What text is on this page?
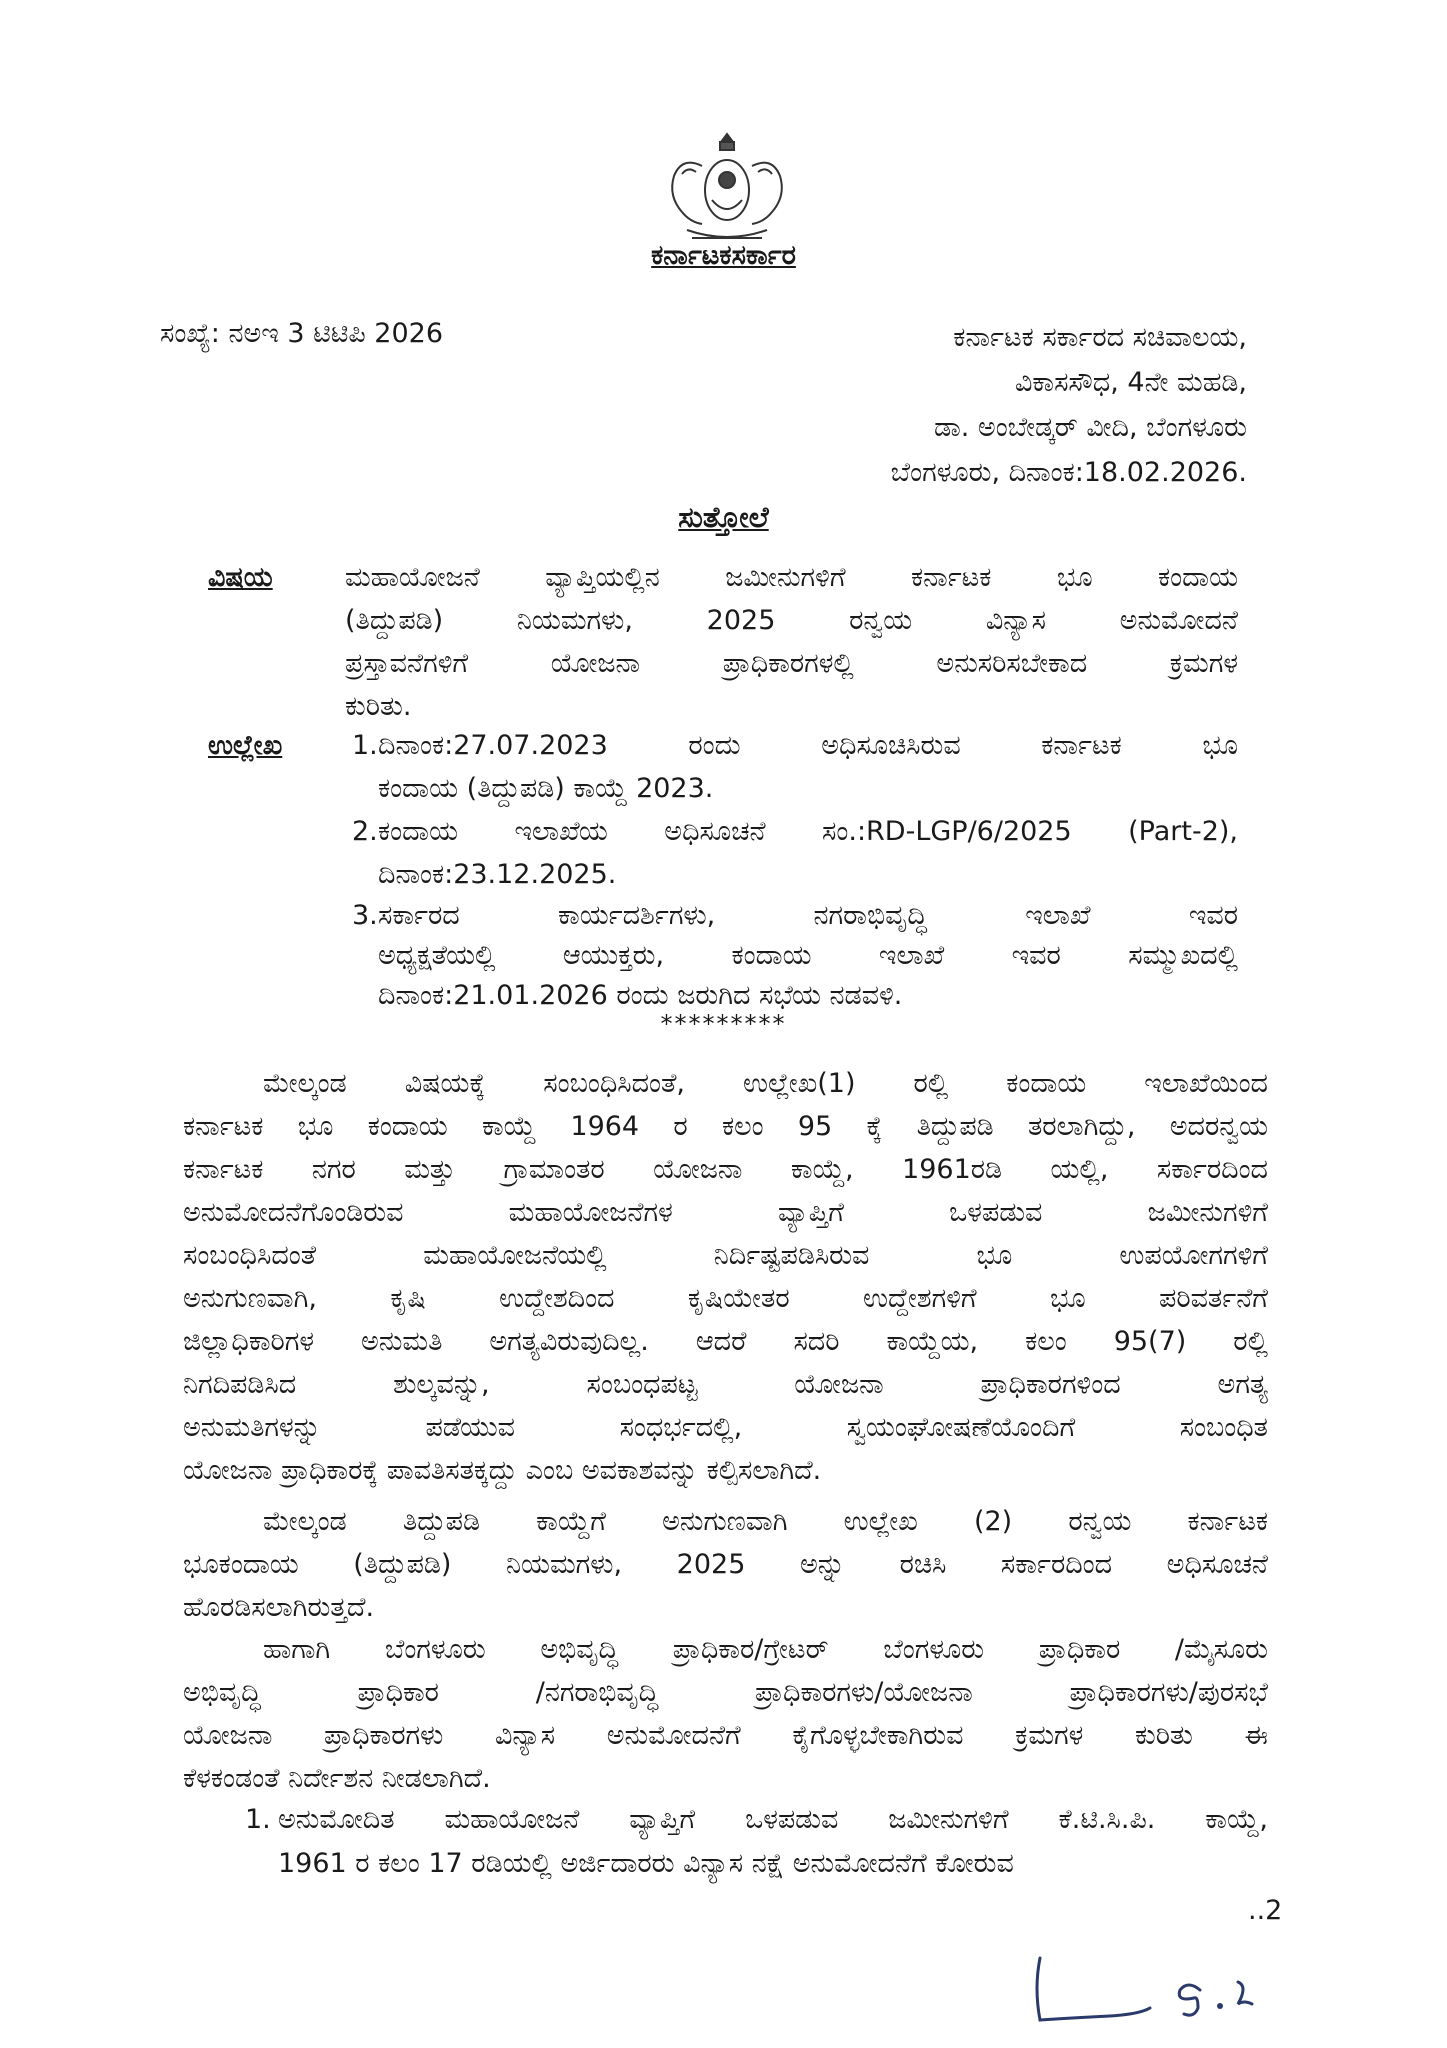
ಕರ್ನಾಟಕಸರ್ಕಾರ
ಸಂಖ್ಯೆ: ನಅಇ 3 ಟಿಟಿಪಿ 2026	ಕರ್ನಾಟಕ ಸರ್ಕಾರದ ಸಚಿವಾಲಯ,
ವಿಕಾಸಸೌಧ, 4ನೇ ಮಹಡಿ,
ಡಾ. ಅಂಬೇಡ್ಕರ್ ವೀದಿ, ಬೆಂಗಳೂರು
ಬೆಂಗಳೂರು, ದಿನಾಂಕ:18.02.2026.
ಸುತ್ತೋಲೆ
ವಿಷಯ	ಮಹಾಯೋಜನೆ ವ್ಯಾಪ್ತಿಯಲ್ಲಿನ ಜಮೀನುಗಳಿಗೆ ಕರ್ನಾಟಕ ಭೂ ಕಂದಾಯ
(ತಿದ್ದುಪಡಿ) ನಿಯಮಗಳು, 2025 ರನ್ವಯ ವಿನ್ಯಾಸ ಅನುಮೋದನೆ
ಪ್ರಸ್ತಾವನೆಗಳಿಗೆ ಯೋಜನಾ ಪ್ರಾಧಿಕಾರಗಳಲ್ಲಿ ಅನುಸರಿಸಬೇಕಾದ ಕ್ರಮಗಳ
ಕುರಿತು.
ಉಲ್ಲೇಖ	1. ದಿನಾಂಕ:27.07.2023 ರಂದು ಅಧಿಸೂಚಿಸಿರುವ ಕರ್ನಾಟಕ ಭೂ
ಕಂದಾಯ (ತಿದ್ದುಪಡಿ) ಕಾಯ್ದೆ 2023.
2. ಕಂದಾಯ ಇಲಾಖೆಯ ಅಧಿಸೂಚನೆ ಸಂ.:RD-LGP/6/2025 (Part-2),
ದಿನಾಂಕ:23.12.2025.
3. ಸರ್ಕಾರದ ಕಾರ್ಯದರ್ಶಿಗಳು, ನಗರಾಭಿವೃದ್ಧಿ ಇಲಾಖೆ ಇವರ
ಅಧ್ಯಕ್ಷತೆಯಲ್ಲಿ ಆಯುಕ್ತರು, ಕಂದಾಯ ಇಲಾಖೆ ಇವರ ಸಮ್ಮುಖದಲ್ಲಿ
ದಿನಾಂಕ:21.01.2026 ರಂದು ಜರುಗಿದ ಸಭೆಯ ನಡವಳಿ.
*********
ಮೇಲ್ಕಂಡ ವಿಷಯಕ್ಕೆ ಸಂಬಂಧಿಸಿದಂತೆ, ಉಲ್ಲೇಖ(1) ರಲ್ಲಿ ಕಂದಾಯ ಇಲಾಖೆಯಿಂದ
ಕರ್ನಾಟಕ ಭೂ ಕಂದಾಯ ಕಾಯ್ದೆ 1964 ರ ಕಲಂ 95 ಕ್ಕೆ ತಿದ್ದುಪಡಿ ತರಲಾಗಿದ್ದು, ಅದರನ್ವಯ
ಕರ್ನಾಟಕ ನಗರ ಮತ್ತು ಗ್ರಾಮಾಂತರ ಯೋಜನಾ ಕಾಯ್ದೆ, 1961ರಡಿ ಯಲ್ಲಿ, ಸರ್ಕಾರದಿಂದ
ಅನುಮೋದನೆಗೊಂಡಿರುವ ಮಹಾಯೋಜನೆಗಳ ವ್ಯಾಪ್ತಿಗೆ ಒಳಪಡುವ ಜಮೀನುಗಳಿಗೆ
ಸಂಬಂಧಿಸಿದಂತೆ ಮಹಾಯೋಜನೆಯಲ್ಲಿ ನಿರ್ದಿಷ್ಟಪಡಿಸಿರುವ ಭೂ ಉಪಯೋಗಗಳಿಗೆ
ಅನುಗುಣವಾಗಿ, ಕೃಷಿ ಉದ್ದೇಶದಿಂದ ಕೃಷಿಯೇತರ ಉದ್ದೇಶಗಳಿಗೆ ಭೂ ಪರಿವರ್ತನೆಗೆ
ಜಿಲ್ಲಾಧಿಕಾರಿಗಳ ಅನುಮತಿ ಅಗತ್ಯವಿರುವುದಿಲ್ಲ. ಆದರೆ ಸದರಿ ಕಾಯ್ದೆಯ, ಕಲಂ 95(7) ರಲ್ಲಿ
ನಿಗದಿಪಡಿಸಿದ ಶುಲ್ಕವನ್ನು, ಸಂಬಂಧಪಟ್ಟ ಯೋಜನಾ ಪ್ರಾಧಿಕಾರಗಳಿಂದ ಅಗತ್ಯ
ಅನುಮತಿಗಳನ್ನು ಪಡೆಯುವ ಸಂಧರ್ಭದಲ್ಲಿ, ಸ್ವಯಂಘೋಷಣೆಯೊಂದಿಗೆ ಸಂಬಂಧಿತ
ಯೋಜನಾ ಪ್ರಾಧಿಕಾರಕ್ಕೆ ಪಾವತಿಸತಕ್ಕದ್ದು ಎಂಬ ಅವಕಾಶವನ್ನು ಕಲ್ಪಿಸಲಾಗಿದೆ.
ಮೇಲ್ಕಂಡ ತಿದ್ದುಪಡಿ ಕಾಯ್ದೆಗೆ ಅನುಗುಣವಾಗಿ ಉಲ್ಲೇಖ (2) ರನ್ವಯ ಕರ್ನಾಟಕ
ಭೂಕಂದಾಯ (ತಿದ್ದುಪಡಿ) ನಿಯಮಗಳು, 2025 ಅನ್ನು ರಚಿಸಿ ಸರ್ಕಾರದಿಂದ ಅಧಿಸೂಚನೆ
ಹೊರಡಿಸಲಾಗಿರುತ್ತದೆ.
ಹಾಗಾಗಿ ಬೆಂಗಳೂರು ಅಭಿವೃದ್ಧಿ ಪ್ರಾಧಿಕಾರ/ಗ್ರೇಟರ್ ಬೆಂಗಳೂರು ಪ್ರಾಧಿಕಾರ /ಮೈಸೂರು
ಅಭಿವೃದ್ಧಿ ಪ್ರಾಧಿಕಾರ /ನಗರಾಭಿವೃದ್ಧಿ ಪ್ರಾಧಿಕಾರಗಳು/ಯೋಜನಾ ಪ್ರಾಧಿಕಾರಗಳು/ಪುರಸಭೆ
ಯೋಜನಾ ಪ್ರಾಧಿಕಾರಗಳು ವಿನ್ಯಾಸ ಅನುಮೋದನೆಗೆ ಕೈಗೊಳ್ಳಬೇಕಾಗಿರುವ ಕ್ರಮಗಳ ಕುರಿತು ಈ
ಕೆಳಕಂಡಂತೆ ನಿರ್ದೇಶನ ನೀಡಲಾಗಿದೆ.
1. ಅನುಮೋದಿತ ಮಹಾಯೋಜನೆ ವ್ಯಾಪ್ತಿಗೆ ಒಳಪಡುವ ಜಮೀನುಗಳಿಗೆ ಕೆ.ಟಿ.ಸಿ.ಪಿ. ಕಾಯ್ದೆ,
1961 ರ ಕಲಂ 17 ರಡಿಯಲ್ಲಿ ಅರ್ಜಿದಾರರು ವಿನ್ಯಾಸ ನಕ್ಷೆ ಅನುಮೋದನೆಗೆ ಕೋರುವ
..2
